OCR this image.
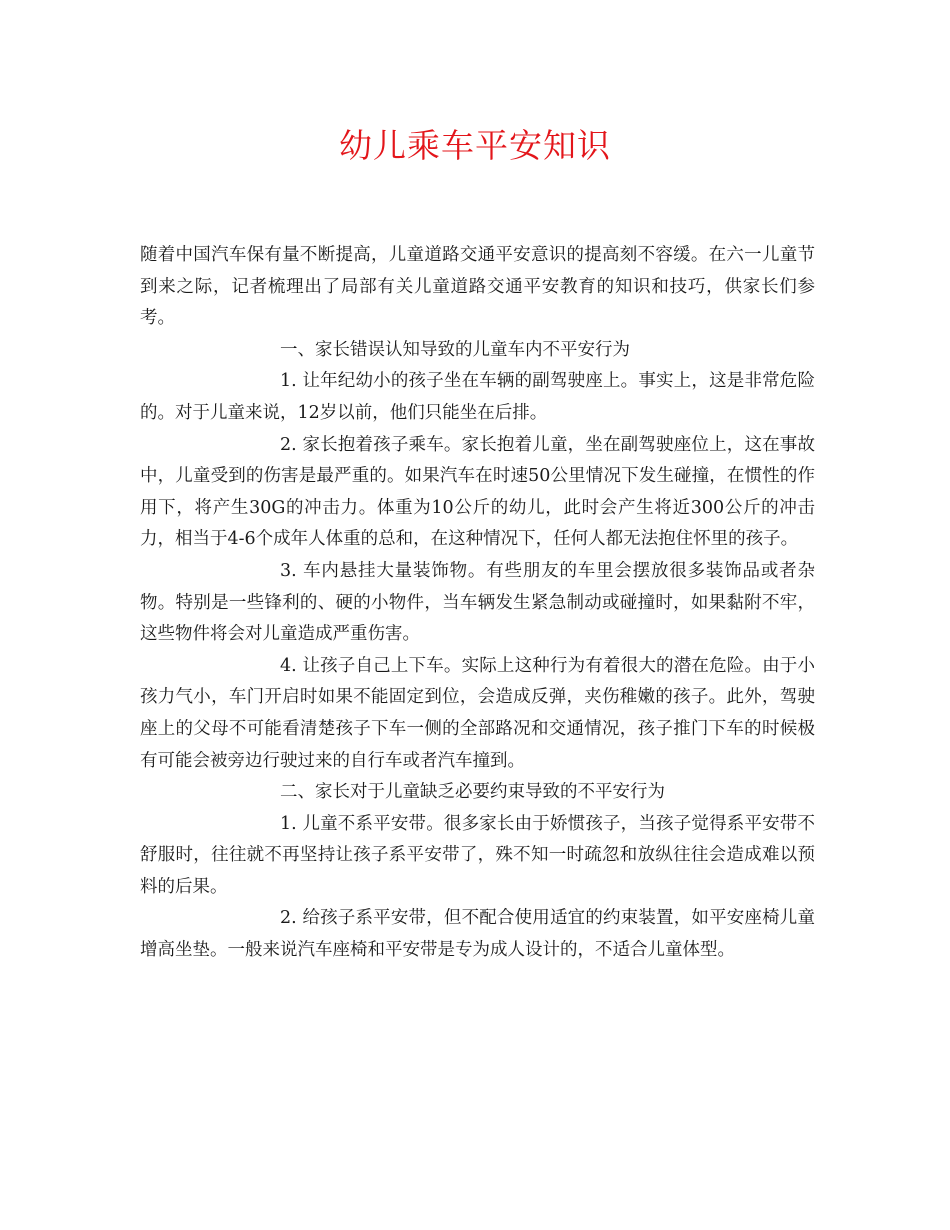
幼儿乘车平安知识

随着中国汽车保有量不断提高，儿童道路交通平安意识的提高刻不容缓。在六一儿童节到来之际，记者梳理出了局部有关儿童道路交通平安教育的知识和技巧，供家长们参考。

一、家长错误认知导致的儿童车内不平安行为

1. 让年纪幼小的孩子坐在车辆的副驾驶座上。事实上，这是非常危险的。对于儿童来说，12岁以前，他们只能坐在后排。

2. 家长抱着孩子乘车。家长抱着儿童，坐在副驾驶座位上，这在事故中，儿童受到的伤害是最严重的。如果汽车在时速50公里情况下发生碰撞，在惯性的作用下，将产生30G的冲击力。体重为10公斤的幼儿，此时会产生将近300公斤的冲击力，相当于4-6个成年人体重的总和，在这种情况下，任何人都无法抱住怀里的孩子。

3. 车内悬挂大量装饰物。有些朋友的车里会摆放很多装饰品或者杂物。特别是一些锋利的、硬的小物件，当车辆发生紧急制动或碰撞时，如果黏附不牢，这些物件将会对儿童造成严重伤害。

4. 让孩子自己上下车。实际上这种行为有着很大的潜在危险。由于小孩力气小，车门开启时如果不能固定到位，会造成反弹，夹伤稚嫩的孩子。此外，驾驶座上的父母不可能看清楚孩子下车一侧的全部路况和交通情况，孩子推门下车的时候极有可能会被旁边行驶过来的自行车或者汽车撞到。

二、家长对于儿童缺乏必要约束导致的不平安行为

1. 儿童不系平安带。很多家长由于娇惯孩子，当孩子觉得系平安带不舒服时，往往就不再坚持让孩子系平安带了，殊不知一时疏忽和放纵往往会造成难以预料的后果。

2. 给孩子系平安带，但不配合使用适宜的约束装置，如平安座椅儿童增高坐垫。一般来说汽车座椅和平安带是专为成人设计的，不适合儿童体型。
